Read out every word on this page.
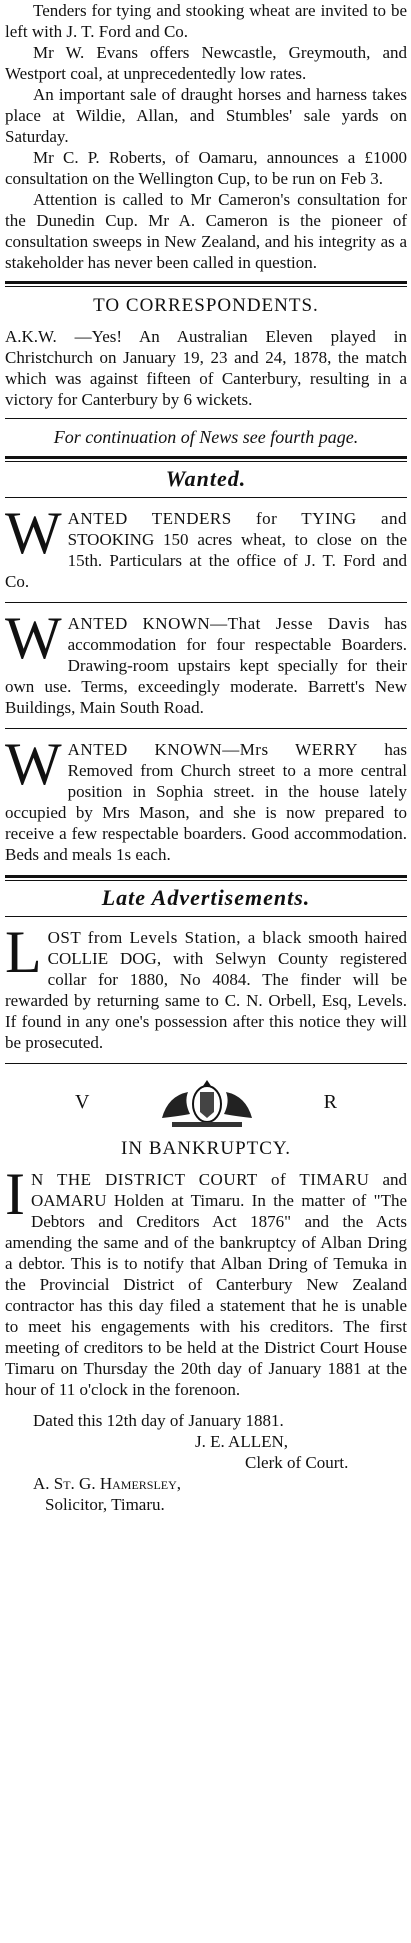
Tenders for tying and stooking wheat are invited to be left with J. T. Ford and Co.

Mr W. Evans offers Newcastle, Greymouth, and Westport coal, at unprecedentedly low rates.

An important sale of draught horses and harness takes place at Wildie, Allan, and Stumbles' sale yards on Saturday.

Mr C. P. Roberts, of Oamaru, announces a £1000 consultation on the Wellington Cup, to be run on Feb 3.

Attention is called to Mr Cameron's consultation for the Dunedin Cup. Mr A. Cameron is the pioneer of consultation sweeps in New Zealand, and his integrity as a stakeholder has never been called in question.

TO CORRESPONDENTS.

A.K.W. —Yes! An Australian Eleven played in Christchurch on January 19, 23 and 24, 1878, the match which was against fifteen of Canterbury, resulting in a victory for Canterbury by 6 wickets.

For continuation of News see fourth page.
Wanted.
W ANTED TENDERS for TYING and STOOKING 150 acres wheat, to close on the 15th. Particulars at the office of J. T. Ford and Co.

W ANTED KNOWN—That Jesse Davis has accommodation for four respectable Boarders. Drawing-room upstairs kept specially for their own use. Terms, exceedingly moderate. Barrett's New Buildings, Main South Road.

W ANTED KNOWN—Mrs WERRY has Removed from Church street to a more central position in Sophia street. in the house lately occupied by Mrs Mason, and she is now prepared to receive a few respectable boarders. Good accommodation. Beds and meals 1s each.

Late Advertisements.
L OST from Levels Station, a black smooth haired COLLIE DOG, with Selwyn County registered collar for 1880, No 4084. The finder will be rewarded by returning same to C. N. Orbell, Esq, Levels. If found in any one's possession after this notice they will be prosecuted.

V	R
IN BANKRUPTCY.
I N THE DISTRICT COURT of TIMARU and OAMARU Holden at Timaru. In the matter of "The Debtors and Creditors Act 1876" and the Acts amending the same and of the bankruptcy of Alban Dring a debtor. This is to notify that Alban Dring of Temuka in the Provincial District of Canterbury New Zealand contractor has this day filed a statement that he is unable to meet his engagements with his creditors. The first meeting of creditors to be held at the District Court House Timaru on Thursday the 20th day of January 1881 at the hour of 11 o'clock in the forenoon.

Dated this 12th day of January 1881.
J. E. ALLEN,
Clerk of Court.
A. St. G. Hamersley,
Solicitor, Timaru.
